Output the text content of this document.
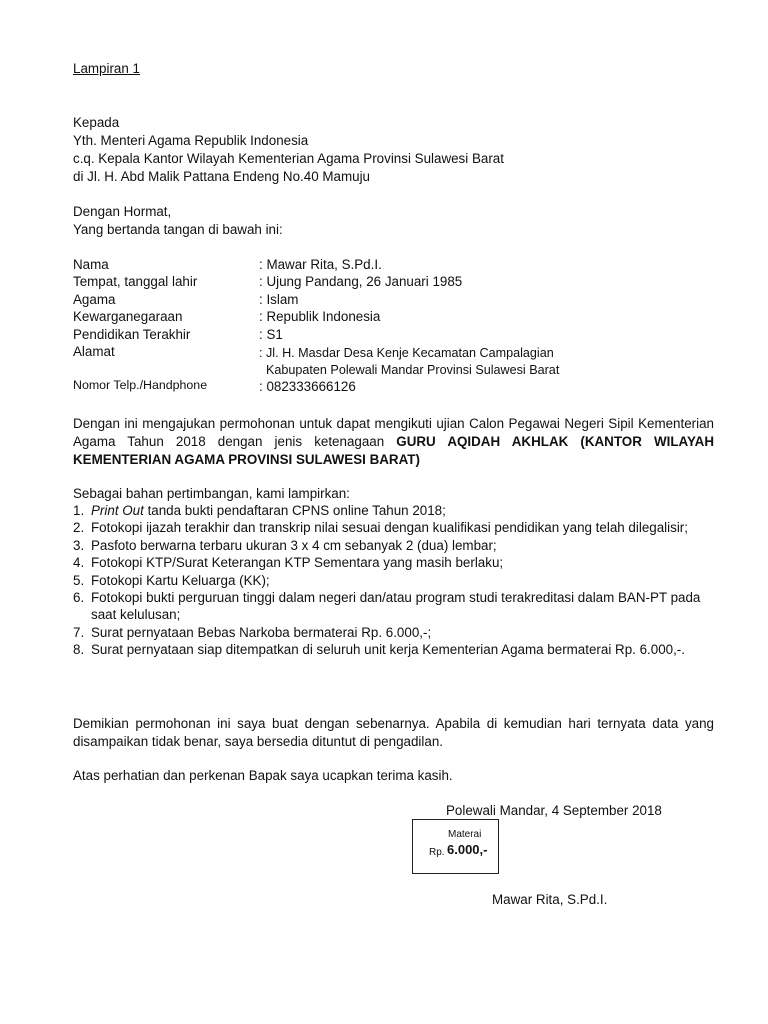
Lampiran 1
Kepada
Yth. Menteri Agama Republik Indonesia
c.q. Kepala Kantor Wilayah Kementerian Agama Provinsi Sulawesi Barat
di Jl. H. Abd Malik Pattana Endeng No.40 Mamuju
Dengan Hormat,
Yang bertanda tangan di bawah ini:
Nama	: Mawar Rita, S.Pd.I.
Tempat, tanggal lahir	: Ujung Pandang, 26 Januari 1985
Agama	: Islam
Kewarganegaraan	: Republik Indonesia
Pendidikan Terakhir	: S1
Alamat	: Jl. H. Masdar Desa Kenje Kecamatan Campalagian
Kabupaten Polewali Mandar Provinsi Sulawesi Barat
Nomor Telp./Handphone	: 082333666126
Dengan ini mengajukan permohonan untuk dapat mengikuti ujian Calon Pegawai Negeri Sipil Kementerian Agama Tahun 2018 dengan jenis ketenagaan GURU AQIDAH AKHLAK (KANTOR WILAYAH KEMENTERIAN AGAMA PROVINSI SULAWESI BARAT)
Sebagai bahan pertimbangan, kami lampirkan:
1. Print Out tanda bukti pendaftaran CPNS online Tahun 2018;
2. Fotokopi ijazah terakhir dan transkrip nilai sesuai dengan kualifikasi pendidikan yang telah dilegalisir;
3. Pasfoto berwarna terbaru ukuran 3 x 4 cm sebanyak 2 (dua) lembar;
4. Fotokopi KTP/Surat Keterangan KTP Sementara yang masih berlaku;
5. Fotokopi Kartu Keluarga (KK);
6. Fotokopi bukti perguruan tinggi dalam negeri dan/atau program studi terakreditasi dalam BAN-PT pada saat kelulusan;
7. Surat pernyataan Bebas Narkoba bermaterai Rp. 6.000,-;
8. Surat pernyataan siap ditempatkan di seluruh unit kerja Kementerian Agama bermaterai Rp. 6.000,-.
Demikian permohonan ini saya buat dengan sebenarnya. Apabila di kemudian hari ternyata data yang disampaikan tidak benar, saya bersedia dituntut di pengadilan.
Atas perhatian dan perkenan Bapak saya ucapkan terima kasih.
Polewali Mandar, 4 September 2018
Materai
Rp. 6.000,-
Mawar Rita, S.Pd.I.
